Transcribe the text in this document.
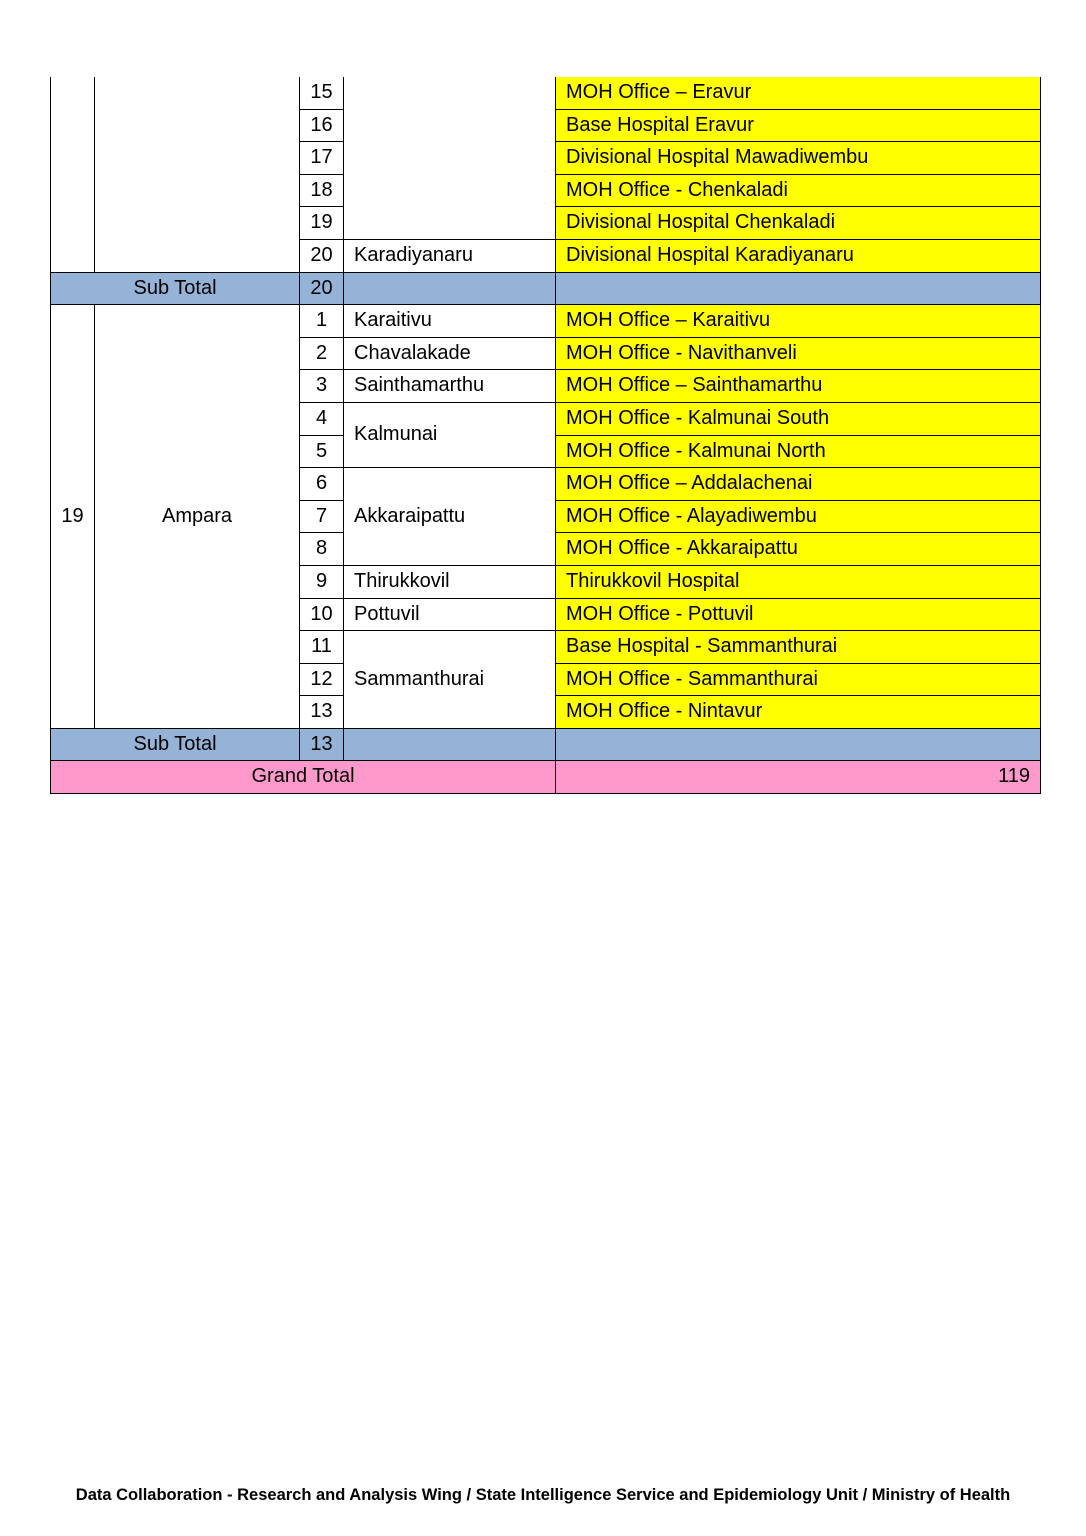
		15		MOH Office – Eravur
		16		Base Hospital Eravur
		17		Divisional Hospital Mawadiwembu
		18		MOH Office - Chenkaladi
		19		Divisional Hospital Chenkaladi
		20	Karadiyanaru	Divisional Hospital Karadiyanaru
Sub Total		20		
19	Ampara	1	Karaitivu	MOH Office – Karaitivu
		2	Chavalakade	MOH Office - Navithanveli
		3	Sainthamarthu	MOH Office – Sainthamarthu
		4	Kalmunai	MOH Office - Kalmunai South
		5		MOH Office - Kalmunai North
		6	Akkaraipattu	MOH Office – Addalachenai
		7		MOH Office - Alayadiwembu
		8		MOH Office - Akkaraipattu
		9	Thirukkovil	Thirukkovil Hospital
		10	Pottuvil	MOH Office - Pottuvil
		11	Sammanthurai	Base Hospital - Sammanthurai
		12		MOH Office - Sammanthurai
		13		MOH Office - Nintavur
Sub Total		13		
Grand Total				119
Data Collaboration - Research and Analysis Wing / State Intelligence Service and Epidemiology Unit / Ministry of Health
